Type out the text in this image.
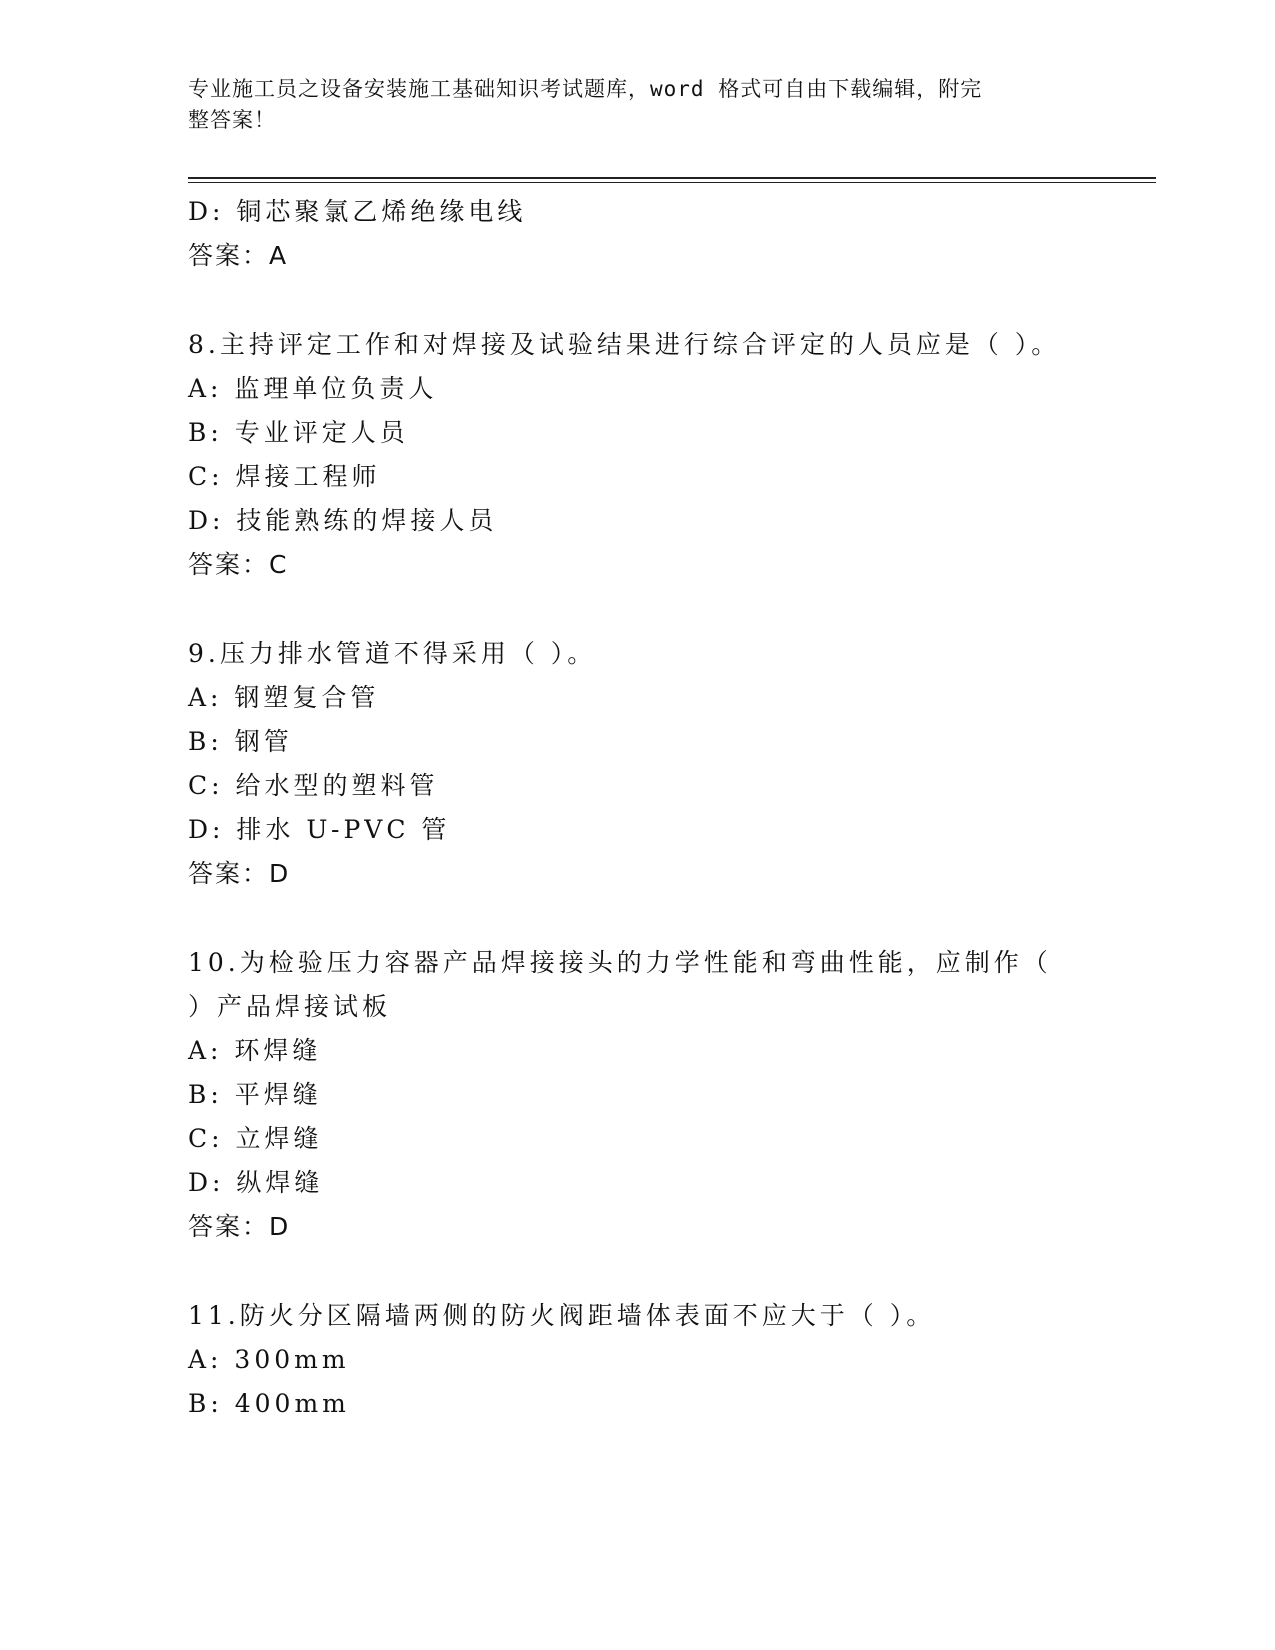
专业施工员之设备安装施工基础知识考试题库，word 格式可自由下载编辑，附完
整答案！
D: 铜芯聚氯乙烯绝缘电线
答案：A
8.主持评定工作和对焊接及试验结果进行综合评定的人员应是（ ）。
A: 监理单位负责人
B: 专业评定人员
C: 焊接工程师
D: 技能熟练的焊接人员
答案：C
9.压力排水管道不得采用（ ）。
A: 钢塑复合管
B: 钢管
C: 给水型的塑料管
D: 排水 U-PVC 管
答案：D
10.为检验压力容器产品焊接接头的力学性能和弯曲性能，应制作（
）产品焊接试板
A: 环焊缝
B: 平焊缝
C: 立焊缝
D: 纵焊缝
答案：D
11.防火分区隔墙两侧的防火阀距墙体表面不应大于（ ）。
A: 300mm
B: 400mm
